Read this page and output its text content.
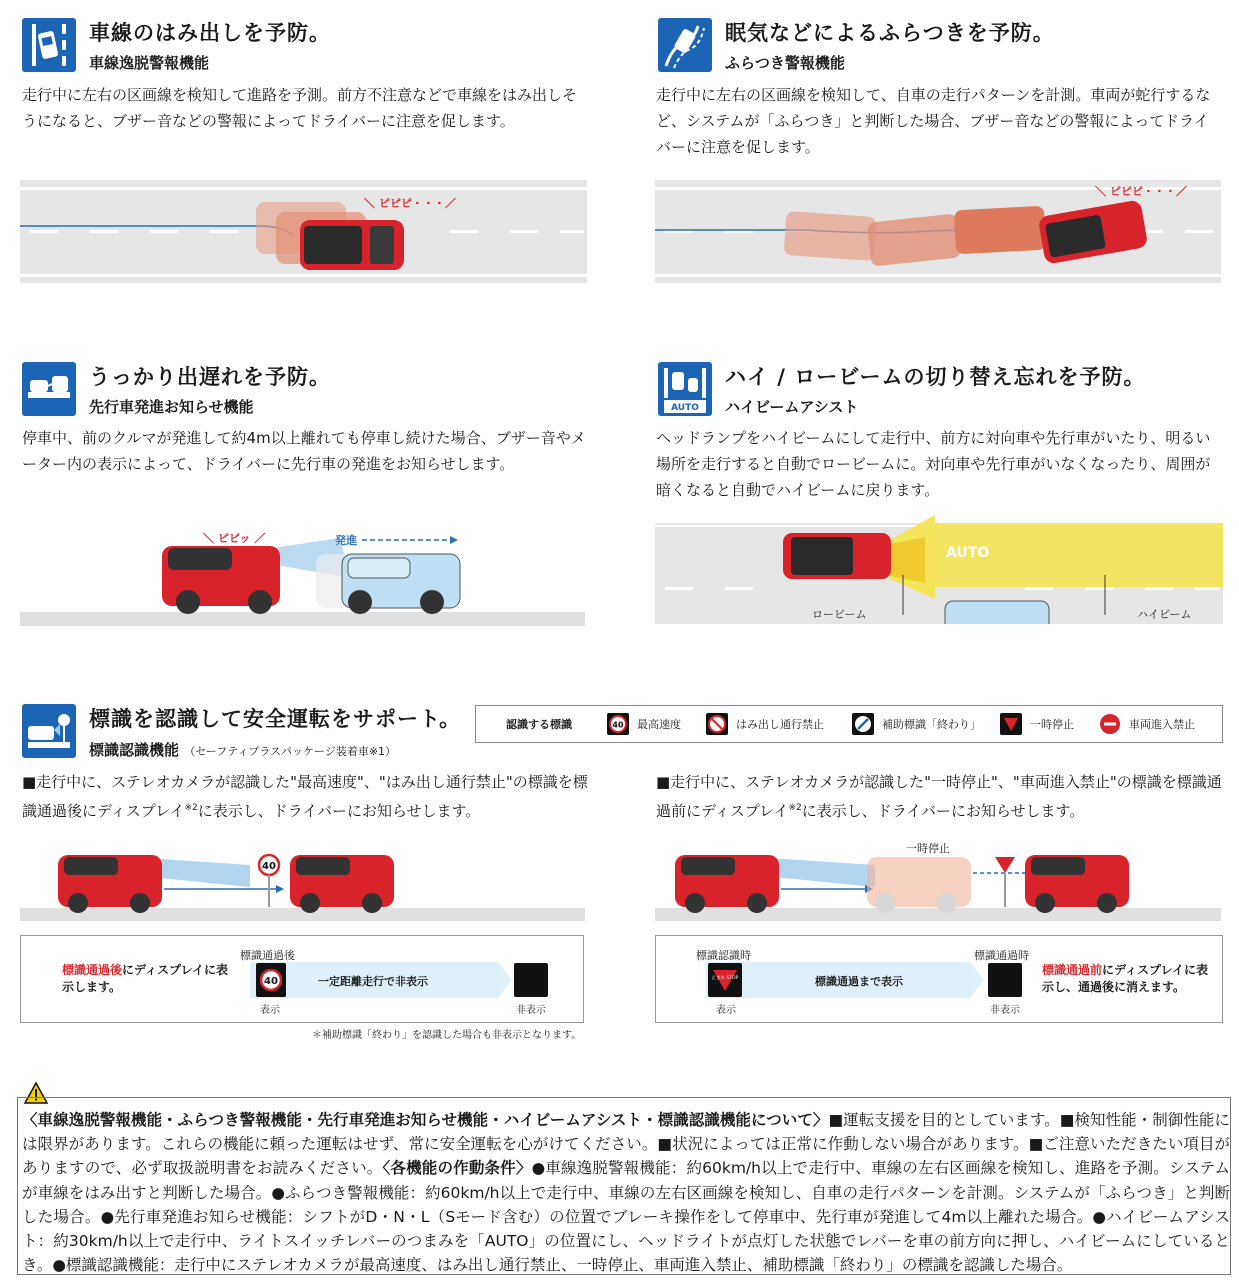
車線のはみ出しを予防。
車線逸脱警報機能
走行中に左右の区画線を検知して進路を予測。前方不注意などで車線をはみ出しそうになると、ブザー音などの警報によってドライバーに注意を促します。
＼ ピピピ・・・／
眠気などによるふらつきを予防。
ふらつき警報機能
走行中に左右の区画線を検知して、自車の走行パターンを計測。車両が蛇行するなど、システムが「ふらつき」と判断した場合、ブザー音などの警報によってドライバーに注意を促します。
＼ ピピピ・・・／
うっかり出遅れを予防。
先行車発進お知らせ機能
停車中、前のクルマが発進して約4m以上離れても停車し続けた場合、ブザー音やメーター内の表示によって、ドライバーに先行車の発進をお知らせします。
＼ ピピッ ／	発進
AUTO
ハイ / ロービームの切り替え忘れを予防。
ハイビームアシスト
ヘッドランプをハイビームにして走行中、前方に対向車や先行車がいたり、明るい場所を走行すると自動でロービームに。対向車や先行車がいなくなったり、周囲が暗くなると自動でハイビームに戻ります。
AUTO
ロービーム	ハイビーム
標識を認識して安全運転をサポート。
標識認識機能 （セーフティプラスパッケージ装着車※1）
認識する標識	40 最高速度	はみ出し通行禁止	補助標識「終わり」	一時停止	車両進入禁止
■走行中に、ステレオカメラが認識した"最高速度"、"はみ出し通行禁止"の標識を標識通過後にディスプレイ$^{※2}$に表示し、ドライバーにお知らせします。
40
標識通過後にディスプレイに表示します。
標識通過後
40	一定距離走行で非表示
表示	非表示
＊補助標識「終わり」を認識した場合も非表示となります。
■走行中に、ステレオカメラが認識した"一時停止"、"車両進入禁止"の標識を標識通過前にディスプレイ$^{※2}$に表示し、ドライバーにお知らせします。
一時停止
標識認識時	標識通過時
止まれ STOP	標識通過まで表示
表示	非表示
標識通過前にディスプレイに表示し、通過後に消えます。
〈車線逸脱警報機能・ふらつき警報機能・先行車発進お知らせ機能・ハイビームアシスト・標識認識機能について〉■運転支援を目的としています。■検知性能・制御性能には限界があります。これらの機能に頼った運転はせず、常に安全運転を心がけてください。■状況によっては正常に作動しない場合があります。■ご注意いただきたい項目がありますので、必ず取扱説明書をお読みください。〈各機能の作動条件〉●車線逸脱警報機能：約60km/h以上で走行中、車線の左右区画線を検知し、進路を予測。システムが車線をはみ出すと判断した場合。●ふらつき警報機能：約60km/h以上で走行中、車線の左右区画線を検知し、自車の走行パターンを計測。システムが「ふらつき」と判断した場合。●先行車発進お知らせ機能：シフトがD・N・L（Sモード含む）の位置でブレーキ操作をして停車中、先行車が発進して4m以上離れた場合。●ハイビームアシスト：約30km/h以上で走行中、ライトスイッチレバーのつまみを「AUTO」の位置にし、ヘッドライトが点灯した状態でレバーを車の前方向に押し、ハイビームにしているとき。●標識認識機能：走行中にステレオカメラが最高速度、はみ出し通行禁止、一時停止、車両進入禁止、補助標識「終わり」の標識を認識した場合。
